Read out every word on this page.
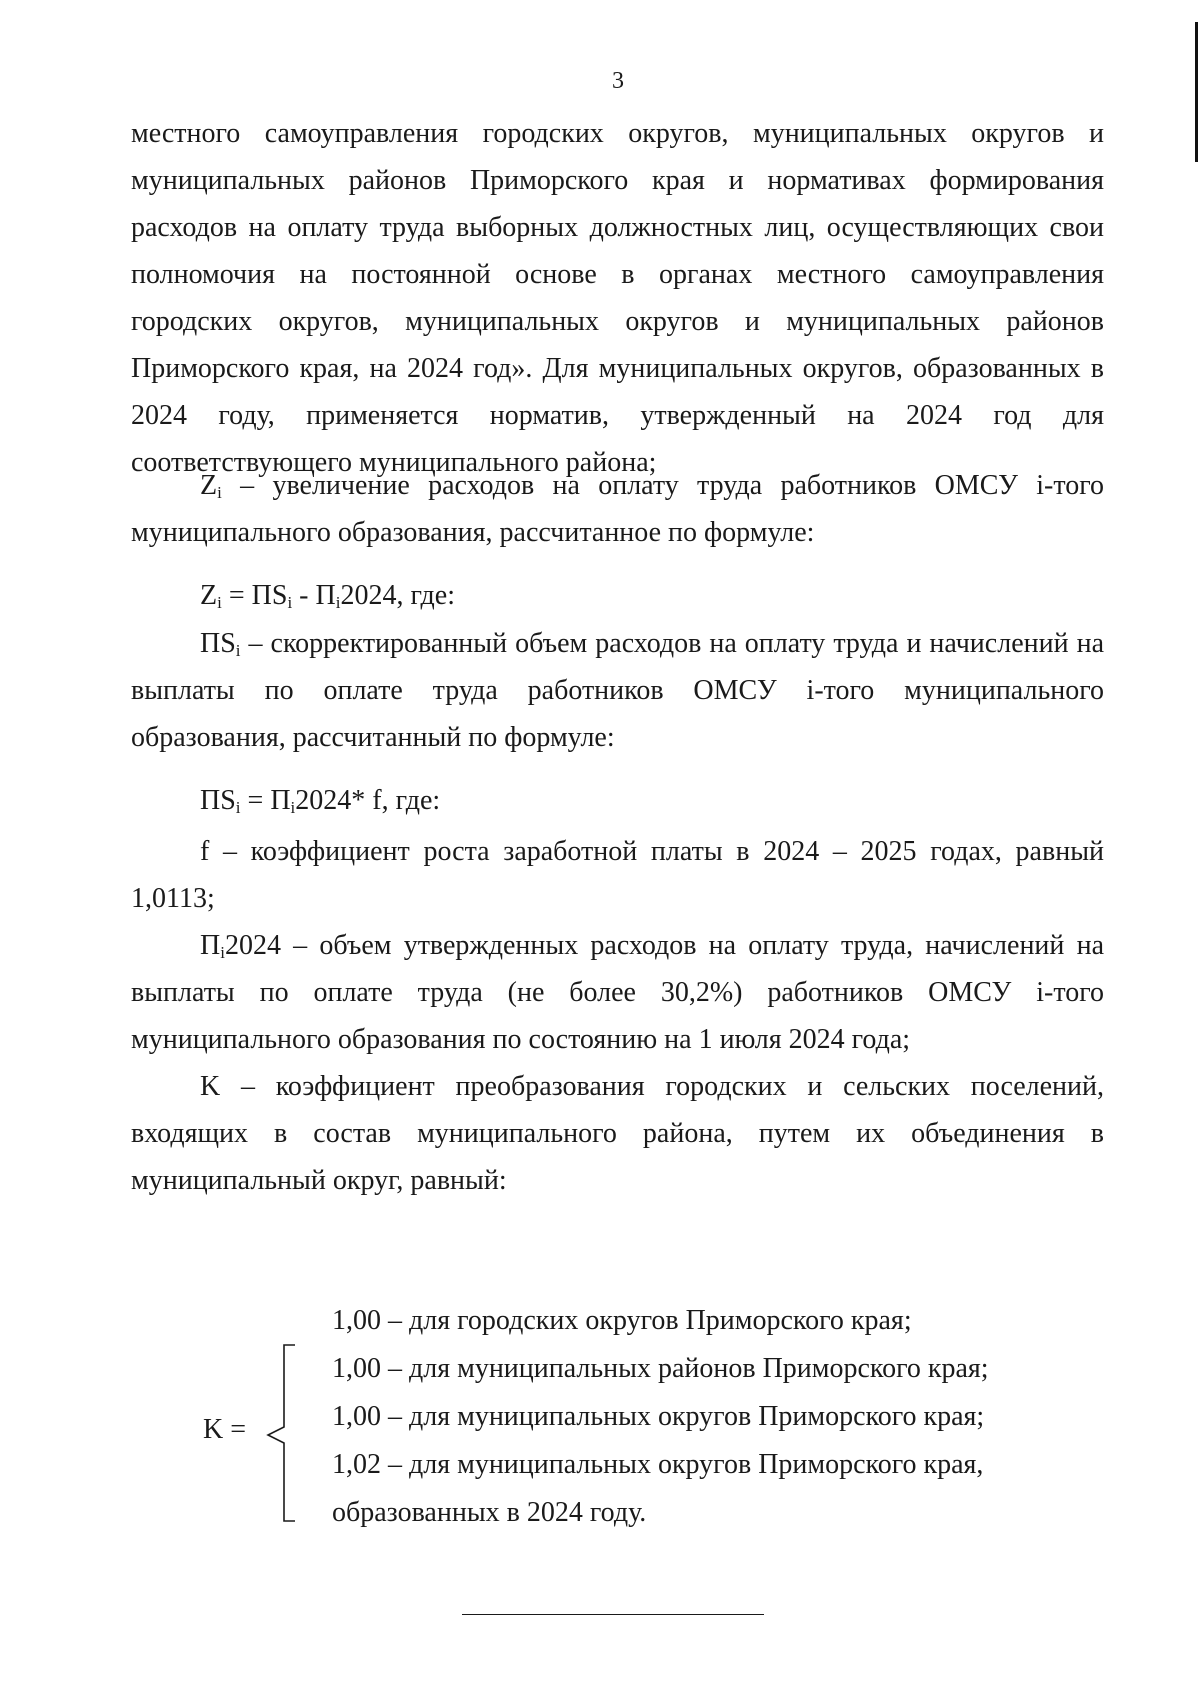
3

местного самоуправления городских округов, муниципальных округов и муниципальных районов Приморского края и нормативах формирования расходов на оплату труда выборных должностных лиц, осуществляющих свои полномочия на постоянной основе в органах местного самоуправления городских округов, муниципальных округов и муниципальных районов Приморского края, на 2024 год». Для муниципальных округов, образованных в 2024 году, применяется норматив, утвержденный на 2024 год для соответствующего муниципального района;

$Z_i$ – увеличение расходов на оплату труда работников ОМСУ i-того муниципального образования, рассчитанное по формуле:

$Z_i = ПS_i - П_i2024$, где:

$ПS_i$ – скорректированный объем расходов на оплату труда и начислений на выплаты по оплате труда работников ОМСУ i-того муниципального образования, рассчитанный по формуле:

$ПS_i = П_i2024*$ f, где:

f – коэффициент роста заработной платы в 2024 – 2025 годах, равный 1,0113;

$П_i2024$ – объем утвержденных расходов на оплату труда, начислений на выплаты по оплате труда (не более 30,2%) работников ОМСУ i-того муниципального образования по состоянию на 1 июля 2024 года;

K – коэффициент преобразования городских и сельских поселений, входящих в состав муниципального района, путем их объединения в муниципальный округ, равный:

K =
1,00 – для городских округов Приморского края;
1,00 – для муниципальных районов Приморского края;
1,00 – для муниципальных округов Приморского края;
1,02 – для муниципальных округов Приморского края,
образованных в 2024 году.
